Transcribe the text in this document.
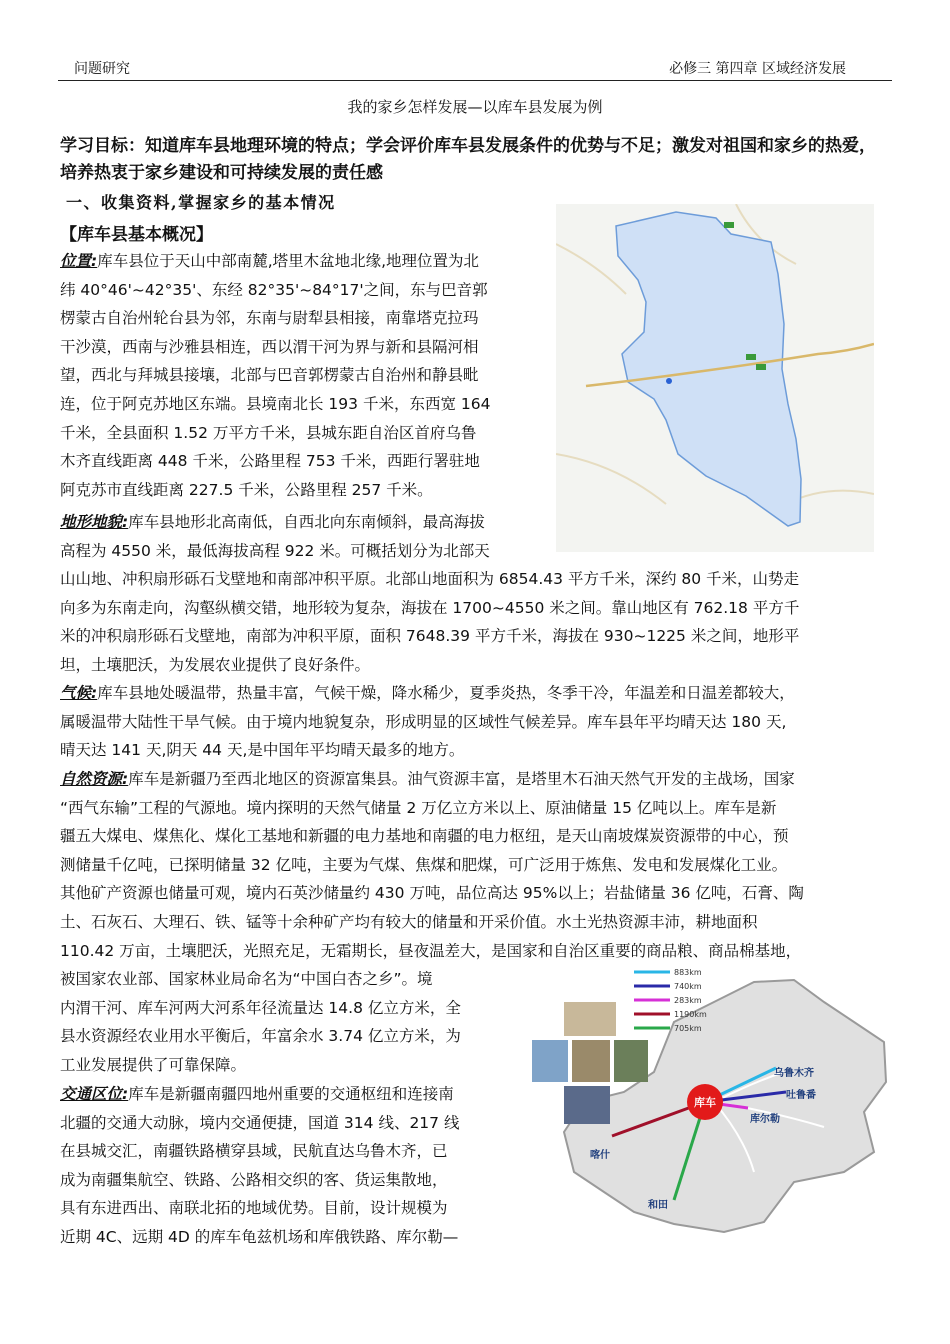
问题研究	必修三 第四章 区域经济发展
我的家乡怎样发展—以库车县发展为例
学习目标：知道库车县地理环境的特点；学会评价库车县发展条件的优势与不足；激发对祖国和家乡的热爱，培养热衷于家乡建设和可持续发展的责任感
一、收集资料,掌握家乡的基本情况
【库车县基本概况】
883km
740km
283km
1190km
705km
库车
乌鲁木齐
吐鲁番
库尔勒
喀什
和田
位置:库车县位于天山中部南麓,塔里木盆地北缘,地理位置为北
纬 40°46'~42°35'、东经 82°35'~84°17'之间，东与巴音郭
楞蒙古自治州轮台县为邻，东南与尉犁县相接，南靠塔克拉玛
干沙漠，西南与沙雅县相连，西以渭干河为界与新和县隔河相
望，西北与拜城县接壤，北部与巴音郭楞蒙古自治州和静县毗
连，位于阿克苏地区东端。县境南北长 193 千米，东西宽 164
千米，全县面积 1.52 万平方千米，县城东距自治区首府乌鲁
木齐直线距离 448 千米，公路里程 753 千米，西距行署驻地
阿克苏市直线距离 227.5 千米，公路里程 257 千米。
地形地貌:库车县地形北高南低，自西北向东南倾斜，最高海拔
高程为 4550 米，最低海拔高程 922 米。可概括划分为北部天
山山地、冲积扇形砾石戈壁地和南部冲积平原。北部山地面积为 6854.43 平方千米，深约 80 千米，山势走
向多为东南走向，沟壑纵横交错，地形较为复杂，海拔在 1700~4550 米之间。靠山地区有 762.18 平方千
米的冲积扇形砾石戈壁地，南部为冲积平原，面积 7648.39 平方千米，海拔在 930~1225 米之间，地形平
坦，土壤肥沃，为发展农业提供了良好条件。
气候:库车县地处暖温带，热量丰富，气候干燥，降水稀少，夏季炎热，冬季干冷，年温差和日温差都较大，
属暖温带大陆性干旱气候。由于境内地貌复杂，形成明显的区域性气候差异。库车县年平均晴天达 180 天,
晴天达 141 天,阴天 44 天,是中国年平均晴天最多的地方。
自然资源:库车是新疆乃至西北地区的资源富集县。油气资源丰富，是塔里木石油天然气开发的主战场，国家
“西气东输”工程的气源地。境内探明的天然气储量 2 万亿立方米以上、原油储量 15 亿吨以上。库车是新
疆五大煤电、煤焦化、煤化工基地和新疆的电力基地和南疆的电力枢纽，是天山南坡煤炭资源带的中心，预
测储量千亿吨，已探明储量 32 亿吨，主要为气煤、焦煤和肥煤，可广泛用于炼焦、发电和发展煤化工业。
其他矿产资源也储量可观，境内石英沙储量约 430 万吨，品位高达 95%以上；岩盐储量 36 亿吨，石膏、陶
土、石灰石、大理石、铁、锰等十余种矿产均有较大的储量和开采价值。水土光热资源丰沛，耕地面积
110.42 万亩，土壤肥沃，光照充足，无霜期长，昼夜温差大，是国家和自治区重要的商品粮、商品棉基地，
被国家农业部、国家林业局命名为“中国白杏之乡”。境
内渭干河、库车河两大河系年径流量达 14.8 亿立方米，全
县水资源经农业用水平衡后，年富余水 3.74 亿立方米，为
工业发展提供了可靠保障。
交通区位:库车是新疆南疆四地州重要的交通枢纽和连接南
北疆的交通大动脉，境内交通便捷，国道 314 线、217 线
在县城交汇，南疆铁路横穿县域，民航直达乌鲁木齐，已
成为南疆集航空、铁路、公路相交织的客、货运集散地，
具有东进西出、南联北拓的地域优势。目前，设计规模为
近期 4C、远期 4D 的库车龟兹机场和库俄铁路、库尔勒—
